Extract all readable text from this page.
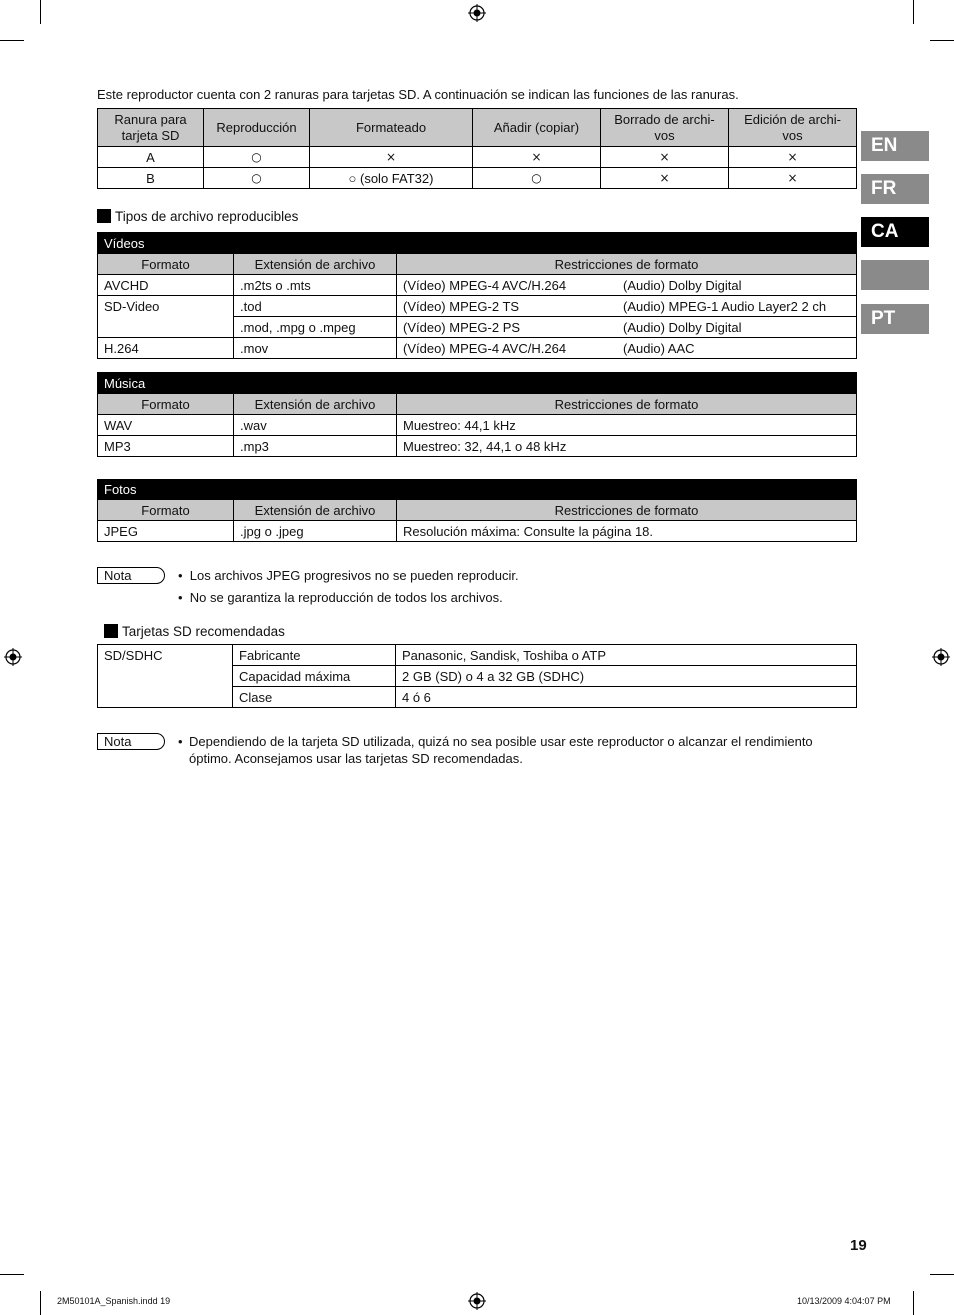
Este reproductor cuenta con 2 ranuras para tarjetas SD. A continuación se indican las funciones de las ranuras.
Ranura para tarjeta SD	Reproducción	Formateado	Añadir (copiar)	Borrado de archi-vos	Edición de archi-vos
A	○	×	×	×	×
B	○	○ (solo FAT32)	○	×	×
Tipos de archivo reproducibles
Vídeos			
Formato	Extensión de archivo	Restricciones de formato	
AVCHD	.m2ts o .mts	(Vídeo) MPEG-4 AVC/H.264	(Audio) Dolby Digital
SD-Video	.tod	(Vídeo) MPEG-2 TS	(Audio) MPEG-1 Audio Layer2 2 ch
	.mod, .mpg o .mpeg	(Vídeo) MPEG-2 PS	(Audio) Dolby Digital
H.264	.mov	(Vídeo) MPEG-4 AVC/H.264	(Audio) AAC
Música		
Formato	Extensión de archivo	Restricciones de formato
WAV	.wav	Muestreo: 44,1 kHz
MP3	.mp3	Muestreo: 32, 44,1 o 48 kHz
Fotos		
Formato	Extensión de archivo	Restricciones de formato
JPEG	.jpg o .jpeg	Resolución máxima: Consulte la página 18.
Nota	•  Los archivos JPEG progresivos no se pueden reproducir.
•  No se garantiza la reproducción de todos los archivos.
Tarjetas SD recomendadas
SD/SDHC	Fabricante	Panasonic, Sandisk, Toshiba o ATP
	Capacidad máxima	2 GB (SD) o 4 a 32 GB (SDHC)
	Clase	4 ó 6
Nota	• Dependiendo de la tarjeta SD utilizada, quizá no sea posible usar este reproductor o alcanzar el rendimiento óptimo. Aconsejamos usar las tarjetas SD recomendadas.
EN
FR
CA
PT
19
2M50101A_Spanish.indd 19	10/13/2009 4:04:07 PM
